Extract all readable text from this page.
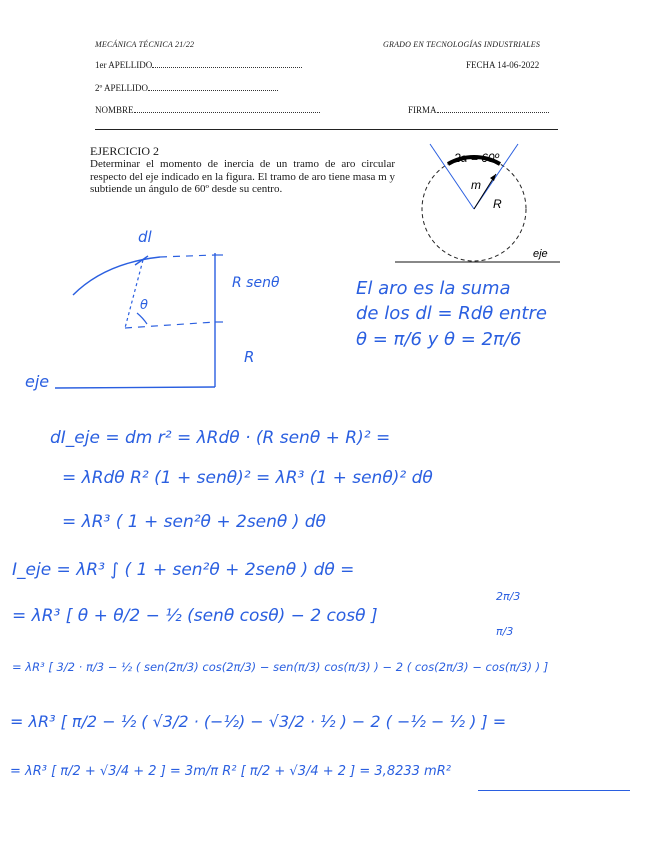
MECÁNICA TÉCNICA 21/22	GRADO EN TECNOLOGÍAS INDUSTRIALES
1er APELLIDO	FECHA 14-06-2022
2º APELLIDO
NOMBRE	FIRMA
EJERCICIO 2
Determinar el momento de inercia de un tramo de aro circular respecto del eje indicado en la figura. El tramo de aro tiene masa m y subtiende un ángulo de 60º desde su centro.
2α = 60º
m
R
eje
dl
θ
R senθ
R
eje
El aro es la suma
de los dl = Rdθ entre
θ = π/6 y θ = 2π/6
dI_eje = dm r² = λRdθ · (R senθ + R)² =
= λRdθ R² (1 + senθ)² = λR³ (1 + senθ)² dθ
= λR³ ( 1 + sen²θ + 2senθ ) dθ
I_eje = λR³ ∫ ( 1 + sen²θ + 2senθ ) dθ =
= λR³ [ θ + θ/2 − ½ (senθ cosθ) − 2 cosθ ]
2π/3
π/3
= λR³ [ 3/2 · π/3 − ½ ( sen(2π/3) cos(2π/3) − sen(π/3) cos(π/3) ) − 2 ( cos(2π/3) − cos(π/3) ) ]
= λR³ [ π/2 − ½ ( √3/2 · (−½) − √3/2 · ½ ) − 2 ( −½ − ½ ) ] =
= λR³ [ π/2 + √3/4 + 2 ] = 3m/π R² [ π/2 + √3/4 + 2 ] = 3,8233 mR²
